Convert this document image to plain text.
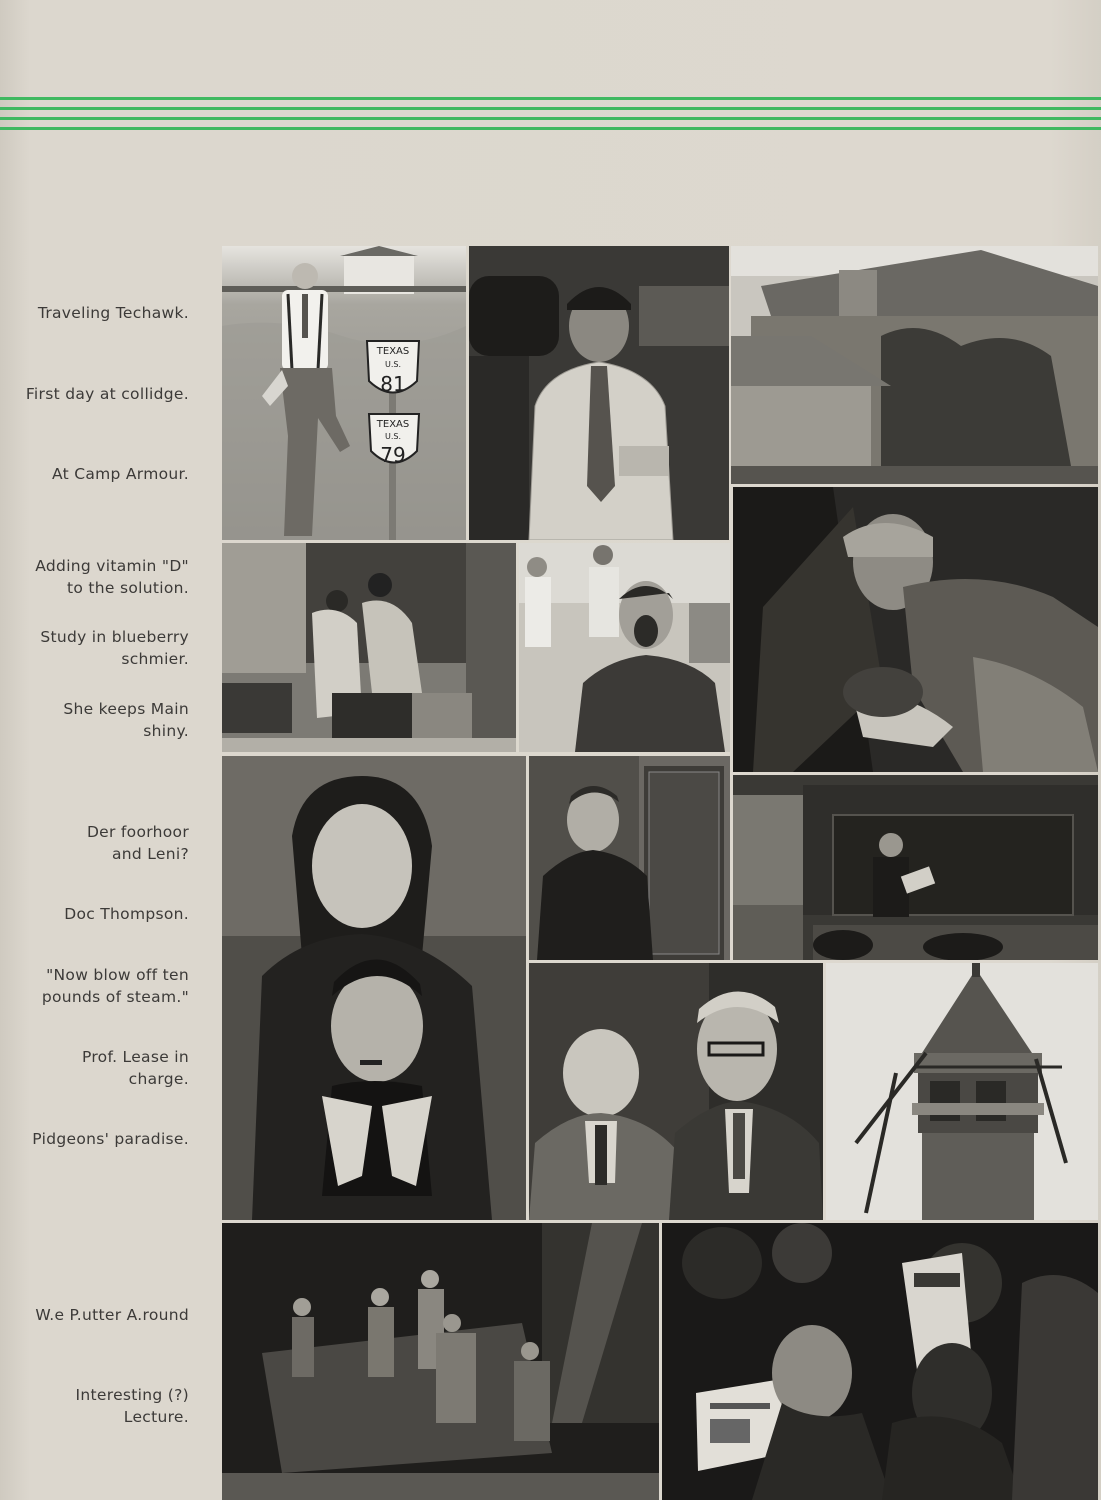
Traveling Techawk.
First day at collidge.
At Camp Armour.
Adding vitamin "D"
to the solution.
Study in blueberry
schmier.
She keeps Main
shiny.
Der foorhoor
and Leni?
Doc Thompson.
"Now blow off ten
pounds of steam."
Prof. Lease in
charge.
Pidgeons' paradise.
W.e P.utter A.round
Interesting (?)
Lecture.
TEXAS
U.S.
81
TEXAS
U.S.
79
